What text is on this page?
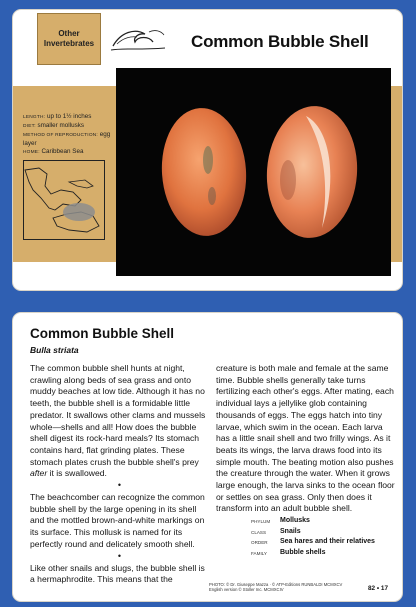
Other Invertebrates	Common Bubble Shell
LENGTH: up to 1½ inches
DIET: smaller mollusks
METHOD OF REPRODUCTION: egg layer
HOME: Caribbean Sea
Common Bubble Shell
Bulla striata

The common bubble shell hunts at night, crawling along beds of sea grass and onto muddy beaches at low tide. Although it has no teeth, the bubble shell is a formidable little predator. It swallows other clams and mussels whole—shells and all! How does the bubble shell digest its rock-hard meals? Its stomach contains hard, flat grinding plates. These stomach plates crush the bubble shell's prey after it is swallowed.

•

The beachcomber can recognize the common bubble shell by the large opening in its shell and the mottled brown-and-white markings on its surface. This mollusk is named for its perfectly round and delicately smooth shell.

•

Like other snails and slugs, the bubble shell is a hermaphrodite. This means that the

creature is both male and female at the same time. Bubble shells generally take turns fertilizing each other's eggs. After mating, each individual lays a jellylike glob containing thousands of eggs. The eggs hatch into tiny larvae, which swim in the ocean. Each larva has a little snail shell and two frilly wings. As it beats its wings, the larva draws food into its simple mouth. The beating motion also pushes the creature through the water. When it grows large enough, the larva sinks to the ocean floor or settles on sea grass. Only then does it transform into an adult bubble shell.

PHYLUM	Mollusks
CLASS	Snails
ORDER	Sea hares and their relatives
FAMILY	Bubble shells
PHOTO: © Dr. Giuseppe Mazza · © ATP-Editions RUNBALDI MCMXCV
English version © Stoller Inc. MCMXCIV	82 • 17
